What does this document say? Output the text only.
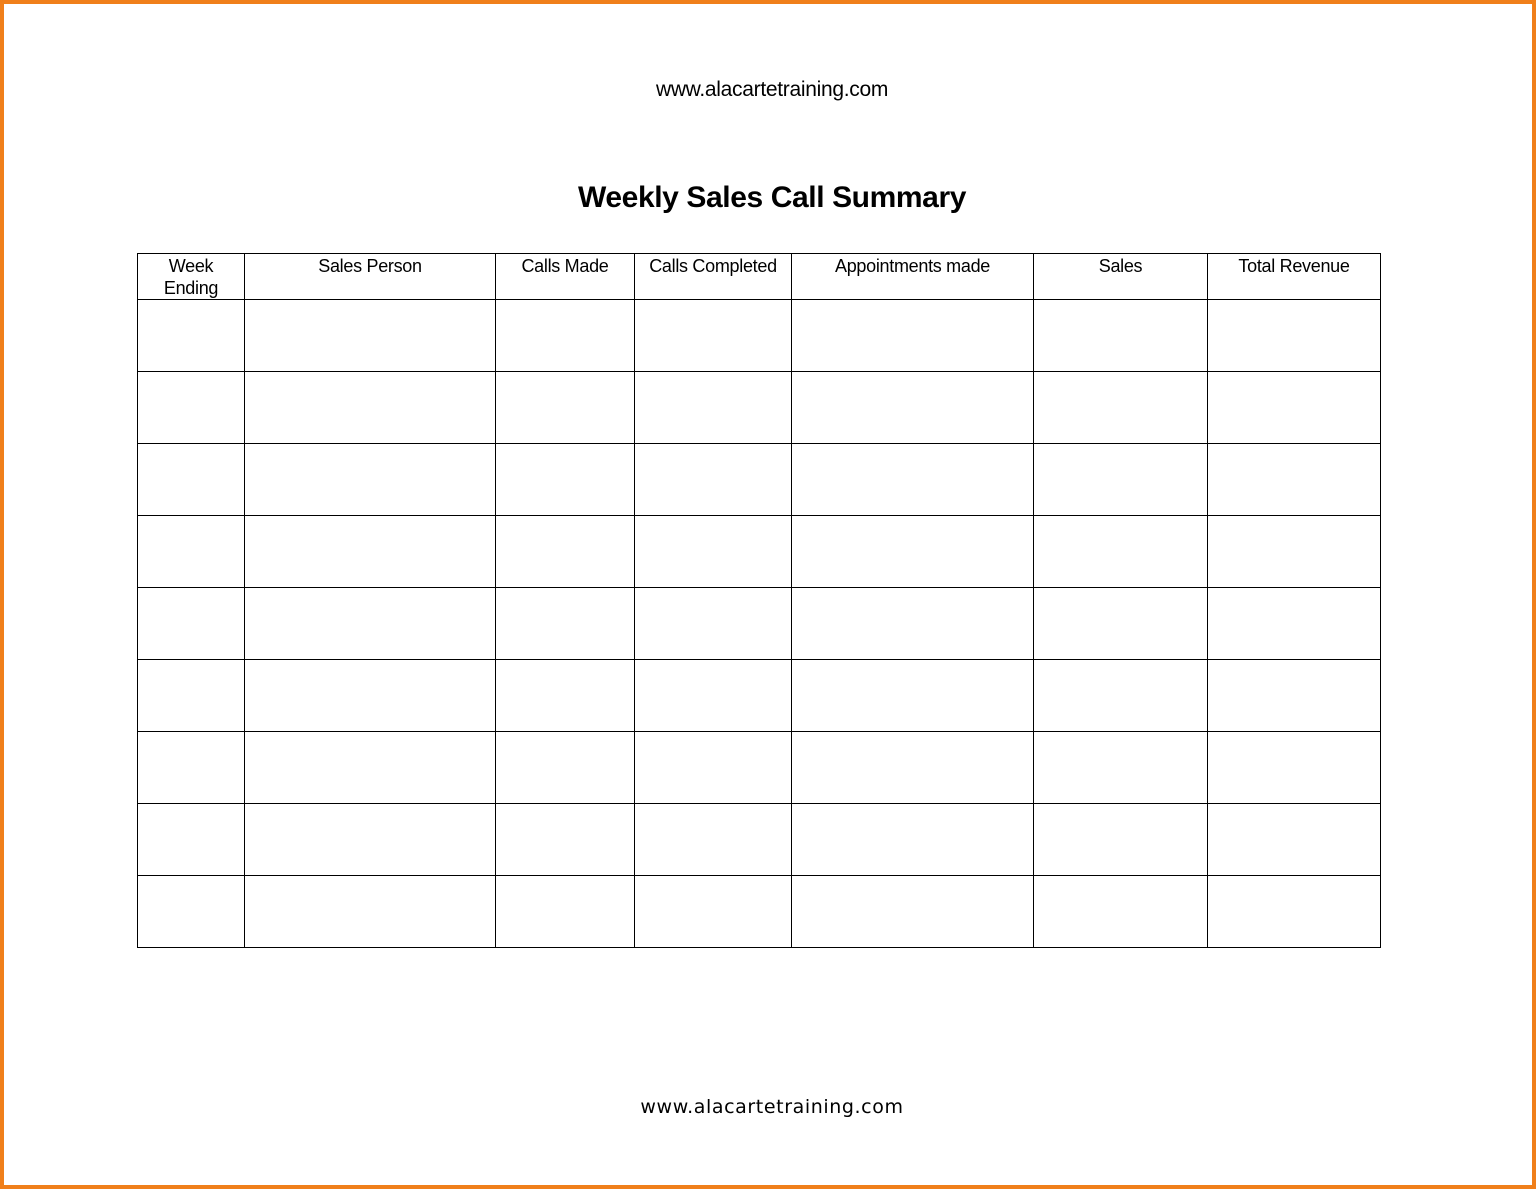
www.alacartetraining.com
Weekly Sales Call Summary
Week
Ending	Sales Person	Calls Made	Calls Completed	Appointments made	Sales	Total Revenue

www.alacartetraining.com
